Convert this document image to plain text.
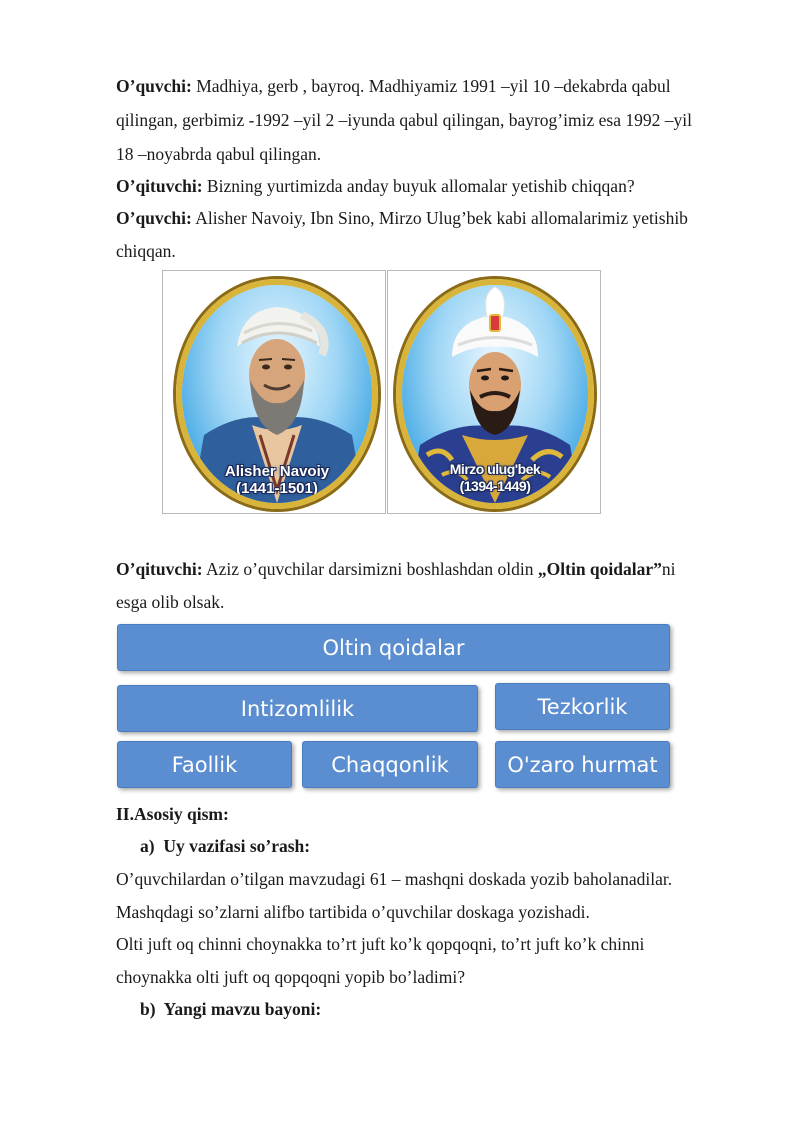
O’quvchi: Madhiya, gerb , bayroq. Madhiyamiz 1991 –yil 10 –dekabrda qabul
qilingan, gerbimiz -1992 –yil 2 –iyunda qabul qilingan, bayrog’imiz esa 1992 –yil
18 –noyabrda qabul qilingan.
O’qituvchi: Bizning yurtimizda anday buyuk allomalar yetishib chiqqan?
O’quvchi: Alisher Navoiy, Ibn Sino, Mirzo Ulug’bek kabi allomalarimiz yetishib
chiqqan.
Alisher Navoiy
(1441-1501)
Mirzo ulug'bek
(1394-1449)
O’qituvchi: Aziz o’quvchilar darsimizni boshlashdan oldin „Oltin qoidalar”ni
esga olib olsak.
Oltin qoidalar
Intizomlilik	Tezkorlik
Faollik	Chaqqonlik	O'zaro hurmat
II.Asosiy qism:
a) Uy vazifasi so’rash:
O’quvchilardan o’tilgan mavzudagi 61 – mashqni doskada yozib baholanadilar.
Mashqdagi so’zlarni alifbo tartibida o’quvchilar doskaga yozishadi.
Olti juft oq chinni choynakka to’rt juft ko’k qopqoqni, to’rt juft ko’k chinni
choynakka olti juft oq qopqoqni yopib bo’ladimi?
b) Yangi mavzu bayoni:
